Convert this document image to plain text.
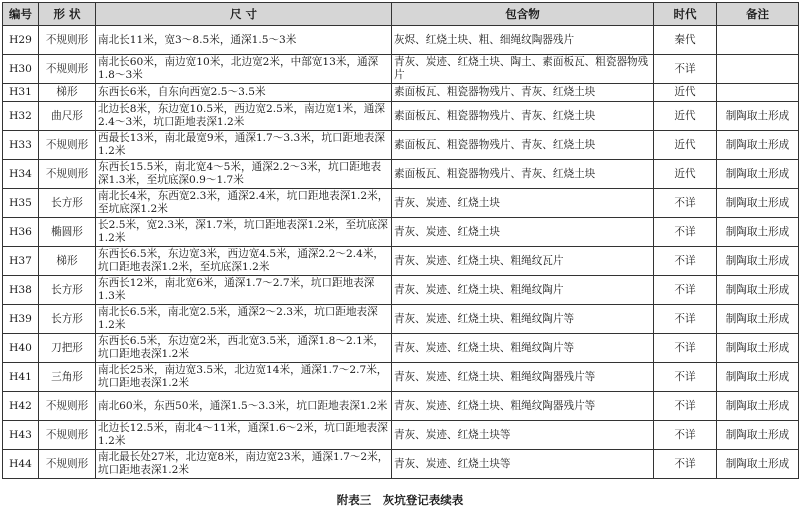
编号	形 状	尺 寸	包含物	时代	备注
H29	不规则形	南北长11米，宽3～8.5米，通深1.5～3米	灰烬、红烧土块、粗、细绳纹陶器残片	秦代	
H30	不规则形	南北长60米，南边宽10米，北边宽2米，中部宽13米，通深1.8～3米	青灰、炭迹、红烧土块、陶土、素面板瓦、粗瓷器物残片	不详	
H31	梯形	东西长6米，自东向西宽2.5～3.5米	素面板瓦、粗瓷器物残片、青灰、红烧土块	近代	
H32	曲尺形	北边长8米，东边宽10.5米，西边宽2.5米，南边宽1米，通深2.4～3米，坑口距地表深1.2米	素面板瓦、粗瓷器物残片、青灰、红烧土块	近代	制陶取土形成
H33	不规则形	西最长13米，南北最宽9米，通深1.7～3.3米，坑口距地表深1.2米	素面板瓦、粗瓷器物残片、青灰、红烧土块	近代	制陶取土形成
H34	不规则形	东西长15.5米，南北宽4～5米，通深2.2～3米，坑口距地表深1.3米，至坑底深0.9～1.7米	素面板瓦、粗瓷器物残片、青灰、红烧土块	近代	制陶取土形成
H35	长方形	南北长4米，东西宽2.3米，通深2.4米，坑口距地表深1.2米，至坑底深1.2米	青灰、炭迹、红烧土块	不详	制陶取土形成
H36	椭圆形	长2.5米，宽2.3米，深1.7米，坑口距地表深1.2米，至坑底深1.2米	青灰、炭迹、红烧土块	不详	制陶取土形成
H37	梯形	东西长6.5米，东边宽3米，西边宽4.5米，通深2.2～2.4米，坑口距地表深1.2米，至坑底深1.2米	青灰、炭迹、红烧土块、粗绳纹瓦片	不详	制陶取土形成
H38	长方形	东西长12米，南北宽6米，通深1.7～2.7米，坑口距地表深1.3米	青灰、炭迹、红烧土块、粗绳纹陶片	不详	制陶取土形成
H39	长方形	南北长6.5米，南北宽2.5米，通深2～2.3米，坑口距地表深1.2米	青灰、炭迹、红烧土块、粗绳纹陶片等	不详	制陶取土形成
H40	刀把形	东西长6.5米，东边宽2米，西北宽3.5米，通深1.8～2.1米，坑口距地表深1.2米	青灰、炭迹、红烧土块、粗绳纹陶片等	不详	制陶取土形成
H41	三角形	南北长25米，南边宽3.5米，北边宽14米，通深1.7～2.7米，坑口距地表深1.2米	青灰、炭迹、红烧土块、粗绳纹陶器残片等	不详	制陶取土形成
H42	不规则形	南北60米，东西50米，通深1.5～3.3米，坑口距地表深1.2米	青灰、炭迹、红烧土块、粗绳纹陶器残片等	不详	制陶取土形成
H43	不规则形	北边长12.5米，南北4～11米，通深1.6～2米，坑口距地表深1.2米	青灰、炭迹、红烧土块等	不详	制陶取土形成
H44	不规则形	南北最长处27米，北边宽8米，南边宽23米，通深1.7～2米，坑口距地表深1.2米	青灰、炭迹、红烧土块等	不详	制陶取土形成
附表三　灰坑登记表续表
